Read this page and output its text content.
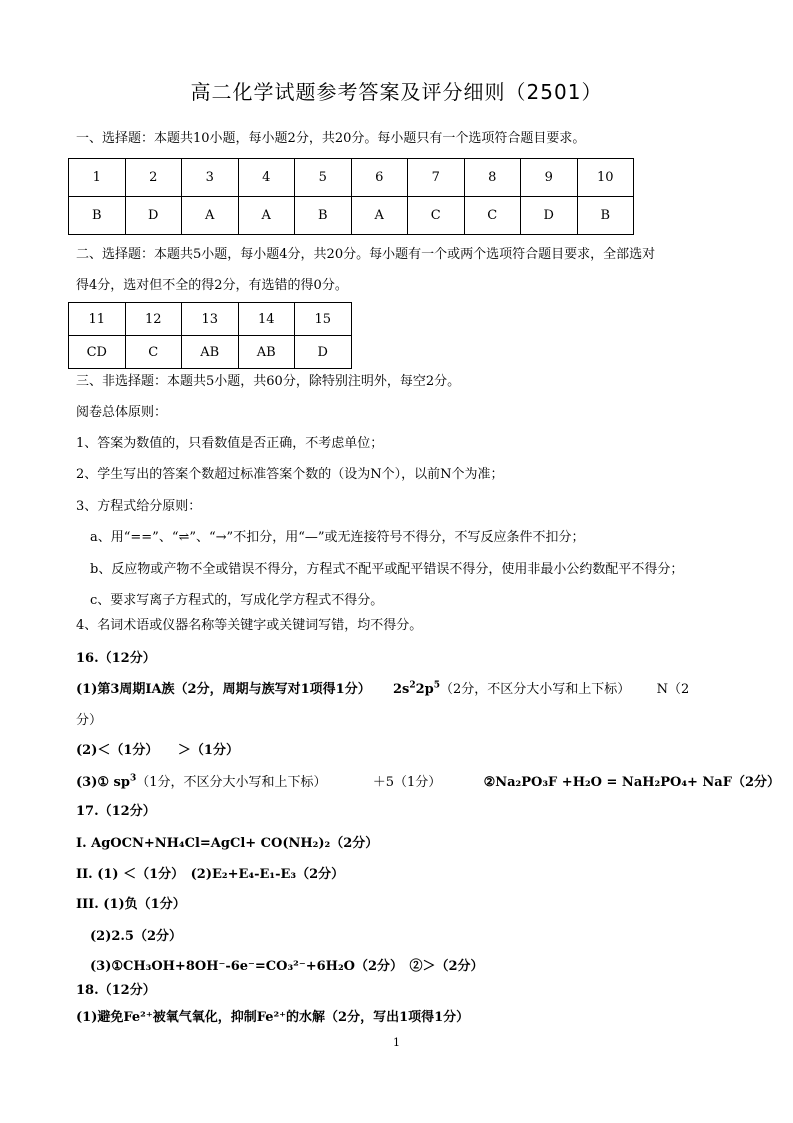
高二化学试题参考答案及评分细则（2501）
一、选择题：本题共10小题，每小题2分，共20分。每小题只有一个选项符合题目要求。
1	2	3	4	5	6	7	8	9	10
B	D	A	A	B	A	C	C	D	B
二、选择题：本题共5小题，每小题4分，共20分。每小题有一个或两个选项符合题目要求，全部选对
得4分，选对但不全的得2分，有选错的得0分。
11	12	13	14	15
CD	C	AB	AB	D
三、非选择题：本题共5小题，共60分，除特别注明外，每空2分。
阅卷总体原则：
1、答案为数值的，只看数值是否正确，不考虑单位；
2、学生写出的答案个数超过标准答案个数的（设为N个），以前N个为准；
3、方程式给分原则：
a、用“==”、“⇌”、“→”不扣分，用“—”或无连接符号不得分，不写反应条件不扣分；
b、反应物或产物不全或错误不得分，方程式不配平或配平错误不得分，使用非最小公约数配平不得分；
c、要求写离子方程式的，写成化学方程式不得分。
4、名词术语或仪器名称等关键字或关键词写错，均不得分。
16.（12分）
(1)第3周期ⅠA族（2分，周期与族写对1项得1分） $2s^22p^5(2$分，不区分大小写和上下标） N（2
分）
(2)＜（1分）　　＞（1分）
(3)① $sp^3(1$分，不区分大小写和上下标）	＋5（1分）	②Na₂PO₃F +H₂O = NaH₂PO₄+ NaF（2分）
17.（12分）
I. AgOCN+NH₄Cl=AgCl+ CO(NH₂)₂（2分）
II. (1) ＜（1分）　(2)E₂+E₄-E₁-E₃（2分）
III. (1)负（1分）
(2)2.5（2分）
(3)①CH₃OH+8OH⁻-6e⁻=CO₃²⁻+6H₂O（2分）　②＞（2分）
18.（12分）
(1)避免Fe²⁺被氧气氧化，抑制Fe²⁺的水解（2分，写出1项得1分）
1
